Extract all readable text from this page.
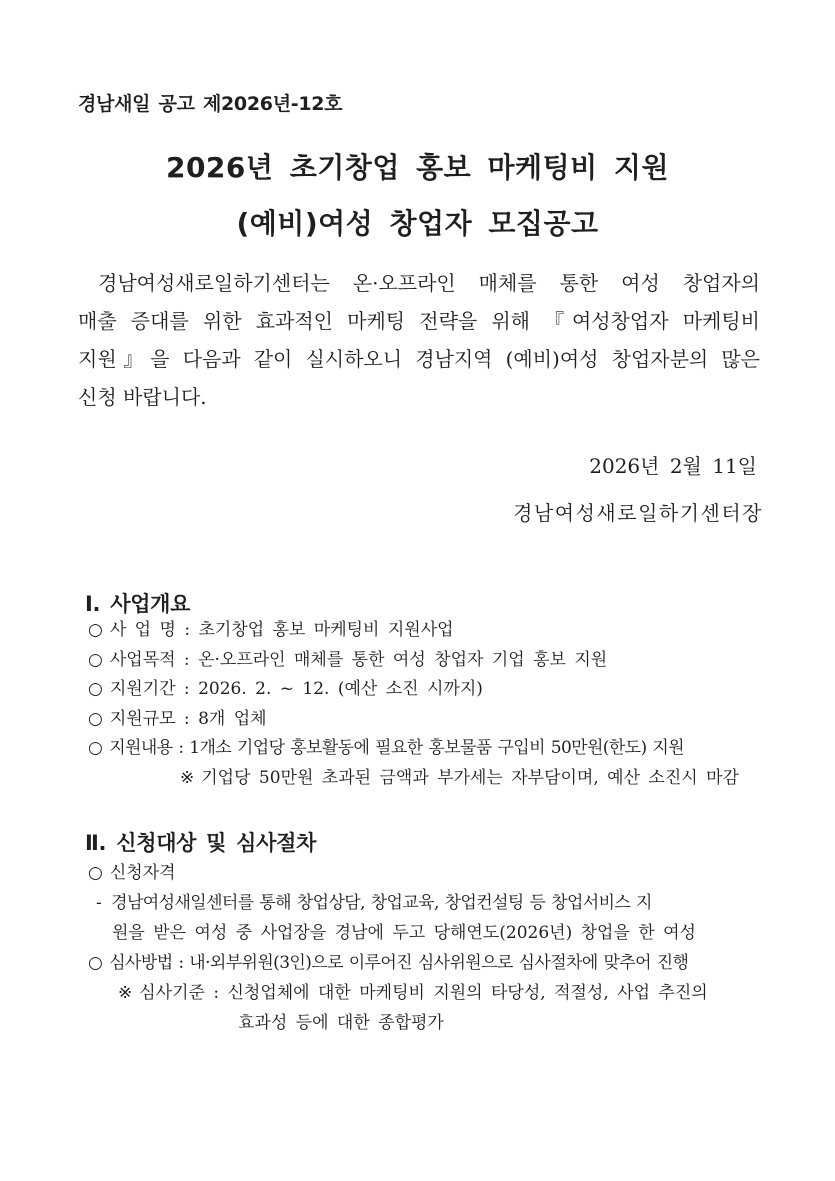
경남새일 공고 제2026년-12호
2026년 초기창업 홍보 마케팅비 지원
(예비)여성 창업자 모집공고
경남여성새로일하기센터는 온·오프라인 매체를 통한 여성 창업자의
매출 증대를 위한 효과적인 마케팅 전략을 위해 『여성창업자 마케팅비
지원』을 다음과 같이 실시하오니 경남지역 (예비)여성 창업자분의 많은
신청 바랍니다.
2026년 2월 11일
경남여성새로일하기센터장
Ⅰ. 사업개요
○ 사 업 명 : 초기창업 홍보 마케팅비 지원사업
○ 사업목적 : 온·오프라인 매체를 통한 여성 창업자 기업 홍보 지원
○ 지원기간 : 2026. 2. ~ 12. (예산 소진 시까지)
○ 지원규모 : 8개 업체
○ 지원내용 : 1개소 기업당 홍보활동에 필요한 홍보물품 구입비 50만원(한도) 지원
※ 기업당 50만원 초과된 금액과 부가세는 자부담이며, 예산 소진시 마감
Ⅱ. 신청대상 및 심사절차
○ 신청자격
- 경남여성새일센터를 통해 창업상담, 창업교육, 창업컨설팅 등 창업서비스 지
원을 받은 여성 중 사업장을 경남에 두고 당해연도(2026년) 창업을 한 여성
○ 심사방법 : 내·외부위원(3인)으로 이루어진 심사위원으로 심사절차에 맞추어 진행
※ 심사기준 : 신청업체에 대한 마케팅비 지원의 타당성, 적절성, 사업 추진의
효과성 등에 대한 종합평가
